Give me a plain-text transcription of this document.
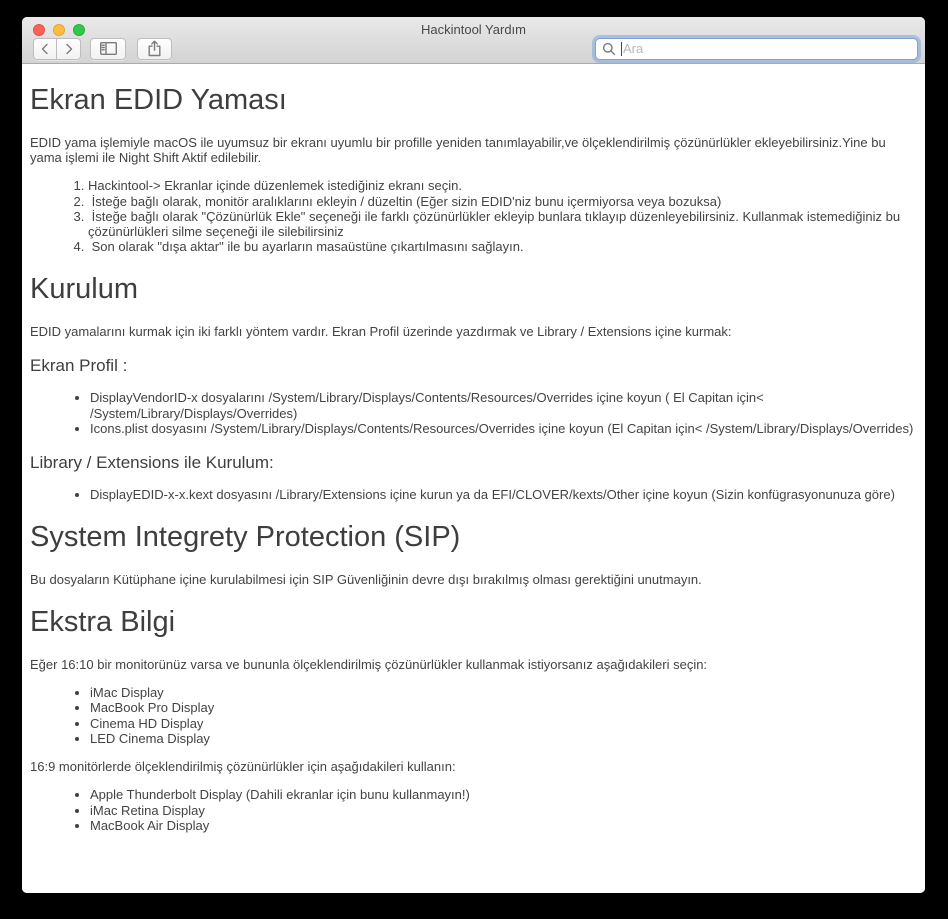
Hackintool Yardım
Ara
Ekran EDID Yaması

EDID yama işlemiyle macOS ile uyumsuz bir ekranı uyumlu bir profille yeniden tanımlayabilir,ve ölçeklendirilmiş çözünürlükler ekleyebilirsiniz.Yine bu yama işlemi ile Night Shift Aktif edilebilir.

1. Hackintool-> Ekranlar içinde düzenlemek istediğiniz ekranı seçin.
2.  İsteğe bağlı olarak, monitör aralıklarını ekleyin / düzeltin (Eğer sizin EDID'niz bunu içermiyorsa veya bozuksa)
3.  İsteğe bağlı olarak "Çözünürlük Ekle" seçeneği ile farklı çözünürlükler ekleyip bunlara tıklayıp düzenleyebilirsiniz. Kullanmak istemediğiniz bu çözünürlükleri silme seçeneği ile silebilirsiniz
4.  Son olarak "dışa aktar" ile bu ayarların masaüstüne çıkartılmasını sağlayın.
Kurulum

EDID yamalarını kurmak için iki farklı yöntem vardır. Ekran Profil üzerinde yazdırmak ve Library / Extensions içine kurmak:

Ekran Profil :
• DisplayVendorID-x dosyalarını /System/Library/Displays/Contents/Resources/Overrides içine koyun ( El Capitan için< /System/Library/Displays/Overrides)
• Icons.plist dosyasını /System/Library/Displays/Contents/Resources/Overrides içine koyun (El Capitan için< /System/Library/Displays/Overrides)
Library / Extensions ile Kurulum:
• DisplayEDID-x-x.kext dosyasını /Library/Extensions içine kurun ya da EFI/CLOVER/kexts/Other içine koyun (Sizin konfügrasyonunuza göre)
System Integrety Protection (SIP)

Bu dosyaların Kütüphane içine kurulabilmesi için SIP Güvenliğinin devre dışı bırakılmış olması gerektiğini unutmayın.

Ekstra Bilgi

Eğer 16:10 bir monitorünüz varsa ve bununla ölçeklendirilmiş çözünürlükler kullanmak istiyorsanız aşağıdakileri seçin:

• iMac Display
• MacBook Pro Display
• Cinema HD Display
• LED Cinema Display

16:9 monitörlerde ölçeklendirilmiş çözünürlükler için aşağıdakileri kullanın:

• Apple Thunderbolt Display (Dahili ekranlar için bunu kullanmayın!)
• iMac Retina Display
• MacBook Air Display
